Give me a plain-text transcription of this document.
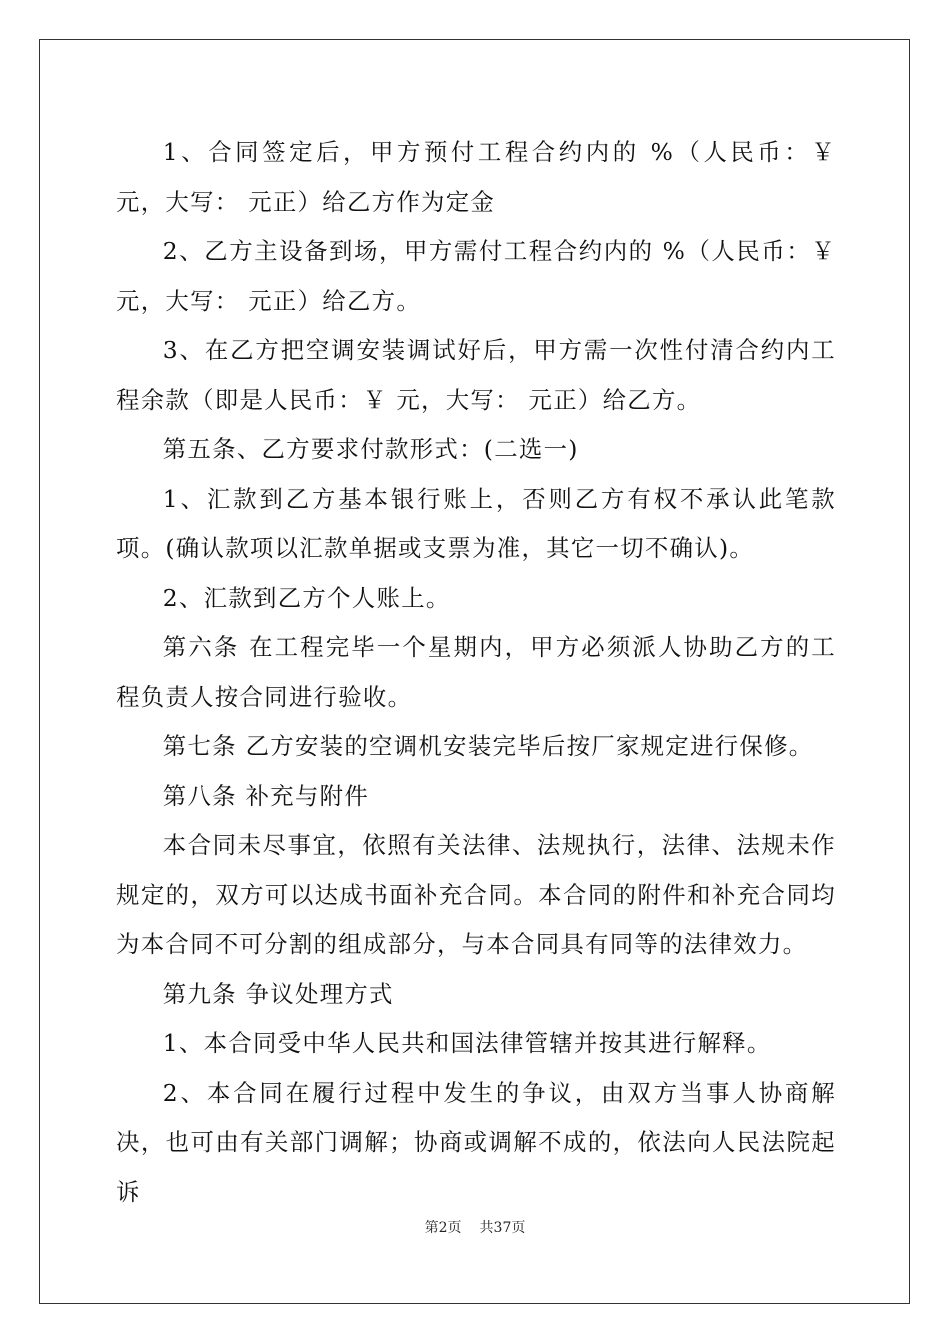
1、合同签定后，甲方预付工程合约内的 %（人民币：￥ 元，大写： 元正）给乙方作为定金

2、乙方主设备到场，甲方需付工程合约内的 %（人民币：￥ 元，大写： 元正）给乙方。

3、在乙方把空调安装调试好后，甲方需一次性付清合约内工程余款（即是人民币：￥ 元，大写： 元正）给乙方。

第五条、乙方要求付款形式：(二选一)

1、汇款到乙方基本银行账上，否则乙方有权不承认此笔款项。(确认款项以汇款单据或支票为准，其它一切不确认)。

2、汇款到乙方个人账上。

第六条 在工程完毕一个星期内，甲方必须派人协助乙方的工程负责人按合同进行验收。

第七条 乙方安装的空调机安装完毕后按厂家规定进行保修。

第八条 补充与附件

本合同未尽事宜，依照有关法律、法规执行，法律、法规未作规定的，双方可以达成书面补充合同。本合同的附件和补充合同均为本合同不可分割的组成部分，与本合同具有同等的法律效力。

第九条 争议处理方式

1、本合同受中华人民共和国法律管辖并按其进行解释。

2、本合同在履行过程中发生的争议，由双方当事人协商解决，也可由有关部门调解；协商或调解不成的，依法向人民法院起诉

第2页 共37页
